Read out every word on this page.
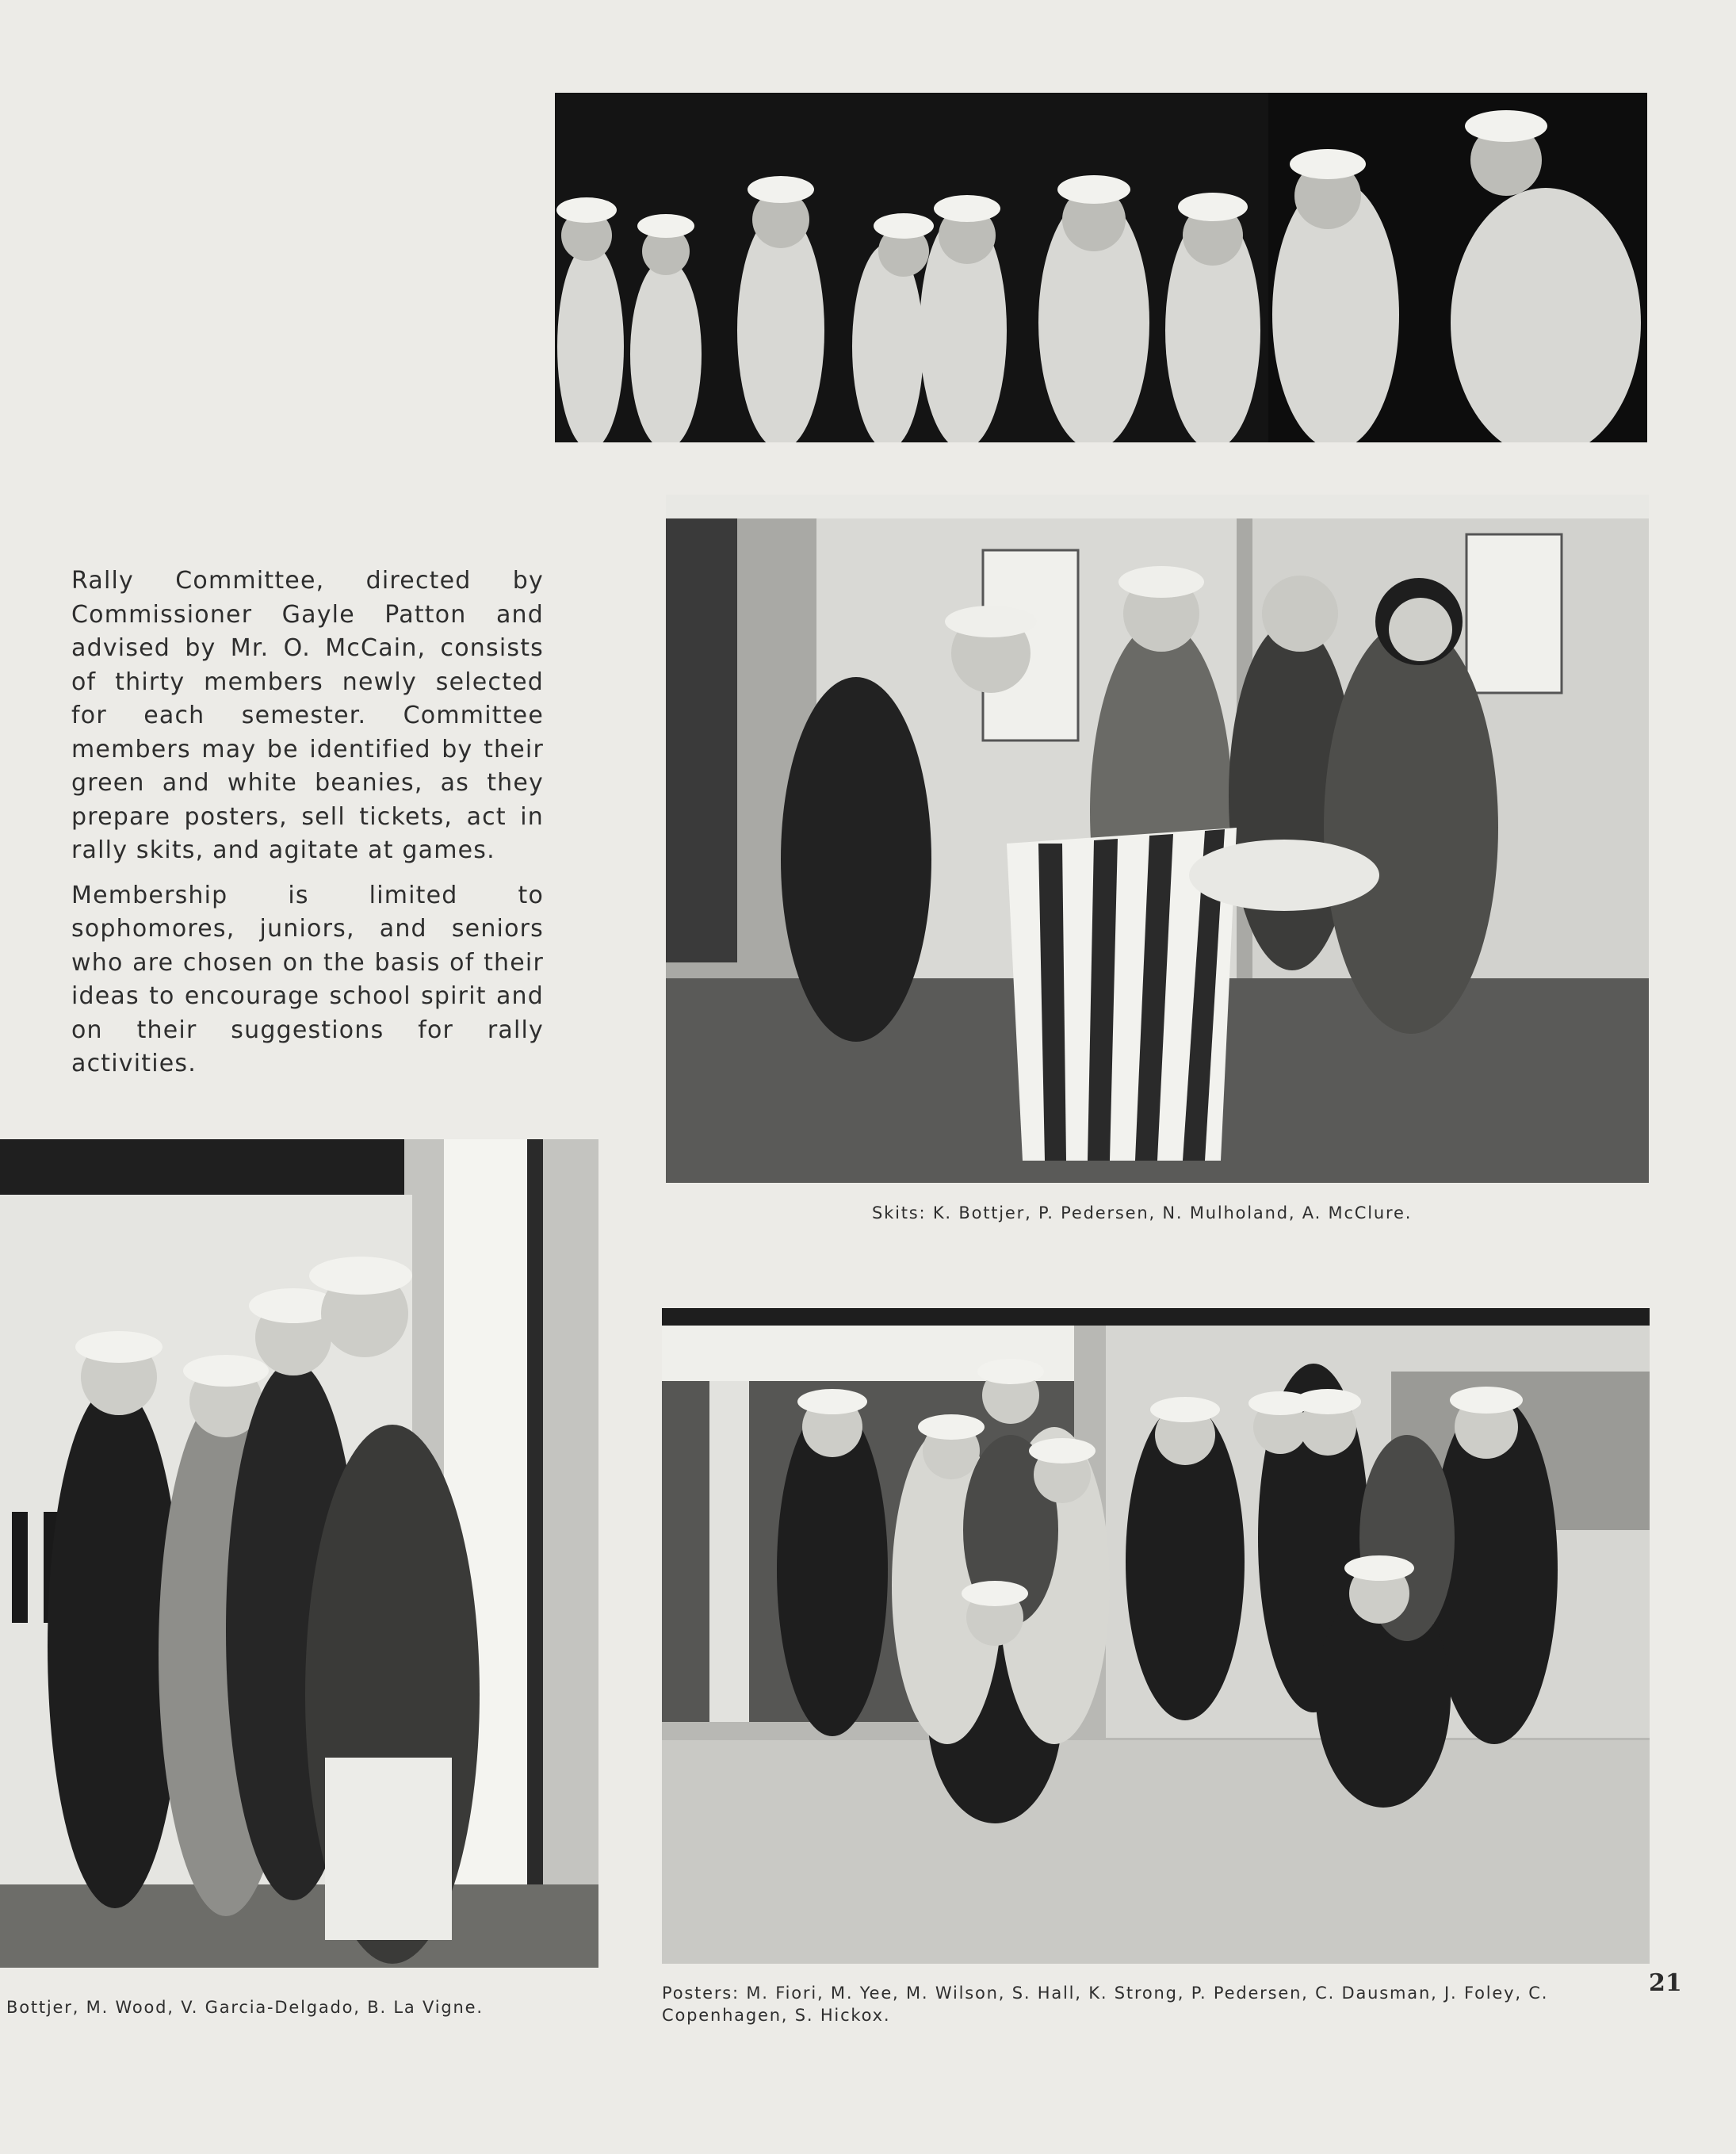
Rally Committee, directed by Commissioner Gayle Patton and advised by Mr. O. McCain, consists of thirty members newly selected for each semester. Committee members may be identified by their green and white beanies, as they prepare posters, sell tickets, act in rally skits, and agitate at games.

Membership is limited to sophomores, juniors, and seniors who are chosen on the basis of their ideas to encourage school spirit and on their suggestions for rally activities.

Skits: K. Bottjer, P. Pedersen, N. Mulholand, A. McClure.
Bottjer, M. Wood, V. Garcia-Delgado, B. La Vigne.
Posters: M. Fiori, M. Yee, M. Wilson, S. Hall, K. Strong, P. Pedersen, C. Dausman, J. Foley, C. Copenhagen, S. Hickox.
21
